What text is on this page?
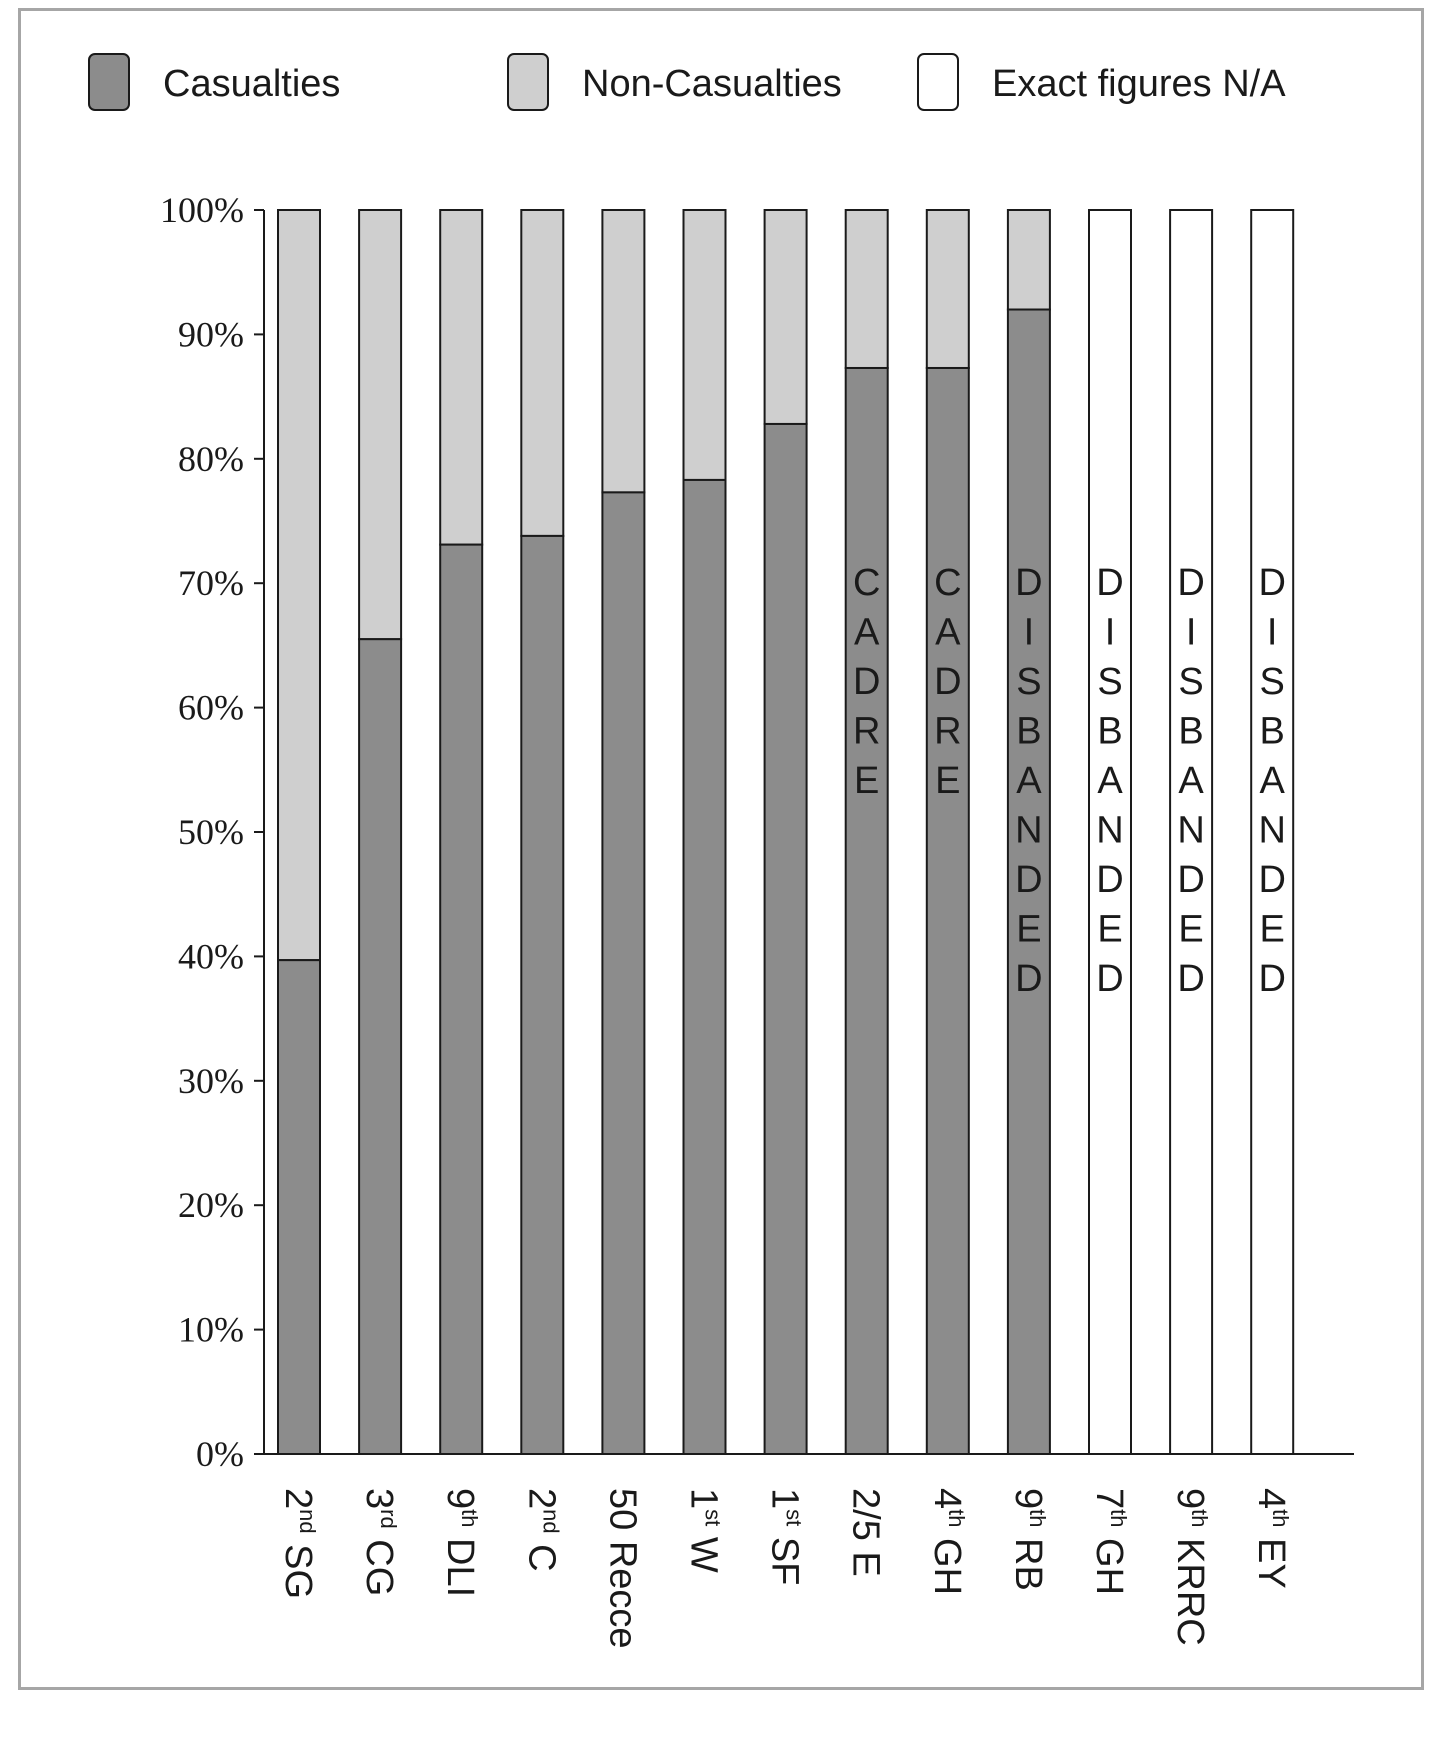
Casualties	Non-Casualties	Exact figures N/A
0%
10%
20%
30%
40%
50%
60%
70%
80%
90%
100%
2nd SG
3rd CG
9th DLI
2nd C 50 Recce 1st W
1st SF
C
A
D
R
E
2/5 E
C
A
D
R
E
4th GH
D
I
S
B
A
N
D
E
D
9th RB
D
I
S
B
A
N
D
E
D
7th GH
D
I
S
B
A
N
D
E
D
9th KRRC
D
I
S
B
A
N
D
E
D
4th EY
